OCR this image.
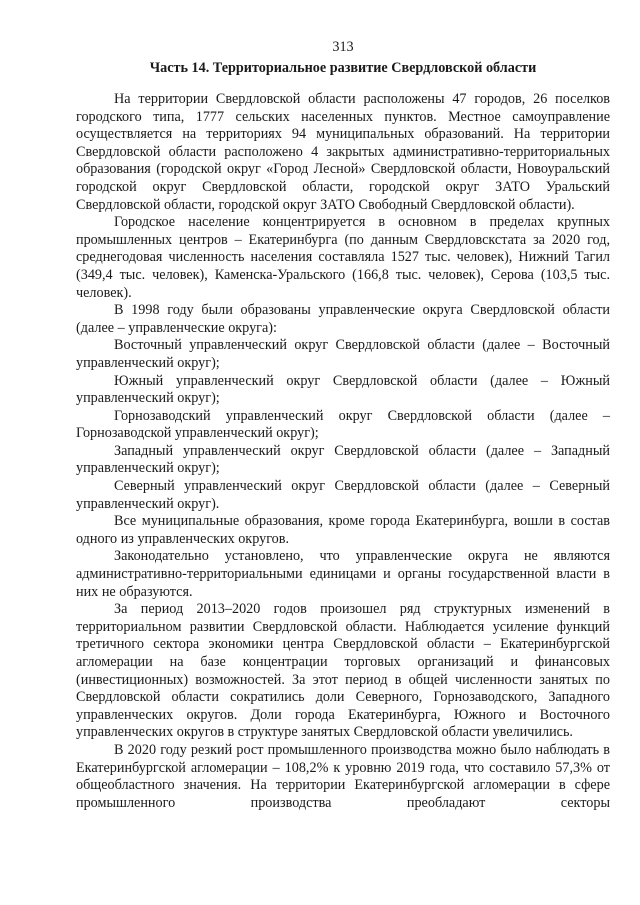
313
Часть 14. Территориальное развитие Свердловской области

На территории Свердловской области расположены 47 городов, 26 поселков городского типа, 1777 сельских населенных пунктов. Местное самоуправление осуществляется на территориях 94 муниципальных образований. На территории Свердловской области расположено 4 закрытых административно-территориальных образования (городской округ «Город Лесной» Свердловской области, Новоуральский городской округ Свердловской области, городской округ ЗАТО Уральский Свердловской области, городской округ ЗАТО Свободный Свердловской области).

Городское население концентрируется в основном в пределах крупных промышленных центров – Екатеринбурга (по данным Свердловскстата за 2020 год, среднегодовая численность населения составляла 1527 тыс. человек), Нижний Тагил (349,4 тыс. человек), Каменска-Уральского (166,8 тыс. человек), Серова (103,5 тыс. человек).

В 1998 году были образованы управленческие округа Свердловской области (далее – управленческие округа):

Восточный управленческий округ Свердловской области (далее – Восточный управленческий округ);

Южный управленческий округ Свердловской области (далее – Южный управленческий округ);

Горнозаводский управленческий округ Свердловской области (далее – Горнозаводской управленческий округ);

Западный управленческий округ Свердловской области (далее – Западный управленческий округ);

Северный управленческий округ Свердловской области (далее – Северный управленческий округ).

Все муниципальные образования, кроме города Екатеринбурга, вошли в состав одного из управленческих округов.

Законодательно установлено, что управленческие округа не являются административно-территориальными единицами и органы государственной власти в них не образуются.

За период 2013–2020 годов произошел ряд структурных изменений в территориальном развитии Свердловской области. Наблюдается усиление функций третичного сектора экономики центра Свердловской области – Екатеринбургской агломерации на базе концентрации торговых организаций и финансовых (инвестиционных) возможностей. За этот период в общей численности занятых по Свердловской области сократились доли Северного, Горнозаводского, Западного управленческих округов. Доли города Екатеринбурга, Южного и Восточного управленческих округов в структуре занятых Свердловской области увеличились.

В 2020 году резкий рост промышленного производства можно было наблюдать в Екатеринбургской агломерации – 108,2% к уровню 2019 года, что составило 57,3% от общеобластного значения. На территории Екатеринбургской агломерации в сфере промышленного производства преобладают секторы
